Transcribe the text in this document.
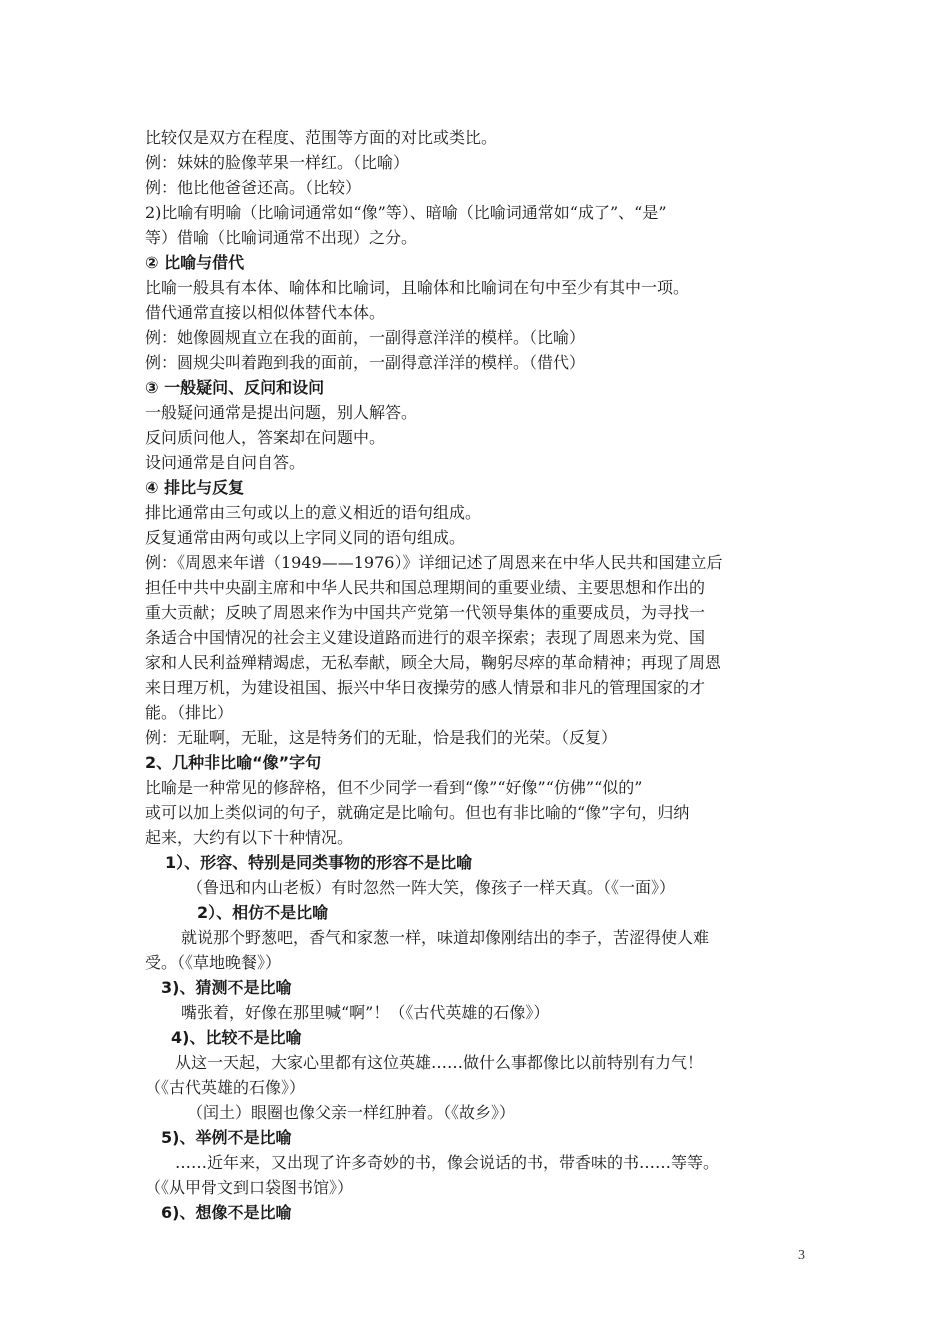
比较仅是双方在程度、范围等方面的对比或类比。
例：妹妹的脸像苹果一样红。（比喻）
例：他比他爸爸还高。（比较）
2)比喻有明喻（比喻词通常如“像”等）、暗喻（比喻词通常如“成了”、“是”
等）借喻（比喻词通常不出现）之分。
② 比喻与借代
比喻一般具有本体、喻体和比喻词，且喻体和比喻词在句中至少有其中一项。
借代通常直接以相似体替代本体。
例：她像圆规直立在我的面前，一副得意洋洋的模样。（比喻）
例：圆规尖叫着跑到我的面前，一副得意洋洋的模样。（借代）
③ 一般疑问、反问和设问
一般疑问通常是提出问题，别人解答。
反问质问他人，答案却在问题中。
设问通常是自问自答。
④ 排比与反复
排比通常由三句或以上的意义相近的语句组成。
反复通常由两句或以上字同义同的语句组成。
例：《周恩来年谱（1949——1976）》详细记述了周恩来在中华人民共和国建立后
担任中共中央副主席和中华人民共和国总理期间的重要业绩、主要思想和作出的
重大贡献；反映了周恩来作为中国共产党第一代领导集体的重要成员，为寻找一
条适合中国情况的社会主义建设道路而进行的艰辛探索；表现了周恩来为党、国
家和人民利益殚精竭虑，无私奉献，顾全大局，鞠躬尽瘁的革命精神；再现了周恩
来日理万机，为建设祖国、振兴中华日夜操劳的感人情景和非凡的管理国家的才
能。（排比）
例：无耻啊，无耻，这是特务们的无耻，恰是我们的光荣。（反复）
2、几种非比喻“像”字句
比喻是一种常见的修辞格，但不少同学一看到“像”“好像”“仿佛”“似的”
或可以加上类似词的句子，就确定是比喻句。但也有非比喻的“像”字句，归纳
起来，大约有以下十种情况。
1）、形容、特别是同类事物的形容不是比喻
（鲁迅和内山老板）有时忽然一阵大笑，像孩子一样天真。（《一面》）
2）、相仿不是比喻
就说那个野葱吧，香气和家葱一样，味道却像刚结出的李子，苦涩得使人难
受。（《草地晚餐》）
3)、猜测不是比喻
嘴张着，好像在那里喊“啊”！（《古代英雄的石像》）
4)、比较不是比喻
从这一天起，大家心里都有这位英雄……做什么事都像比以前特别有力气！
（《古代英雄的石像》）
（闰土）眼圈也像父亲一样红肿着。（《故乡》）
5)、举例不是比喻
……近年来，又出现了许多奇妙的书，像会说话的书，带香味的书……等等。
（《从甲骨文到口袋图书馆》）
6)、想像不是比喻
3
